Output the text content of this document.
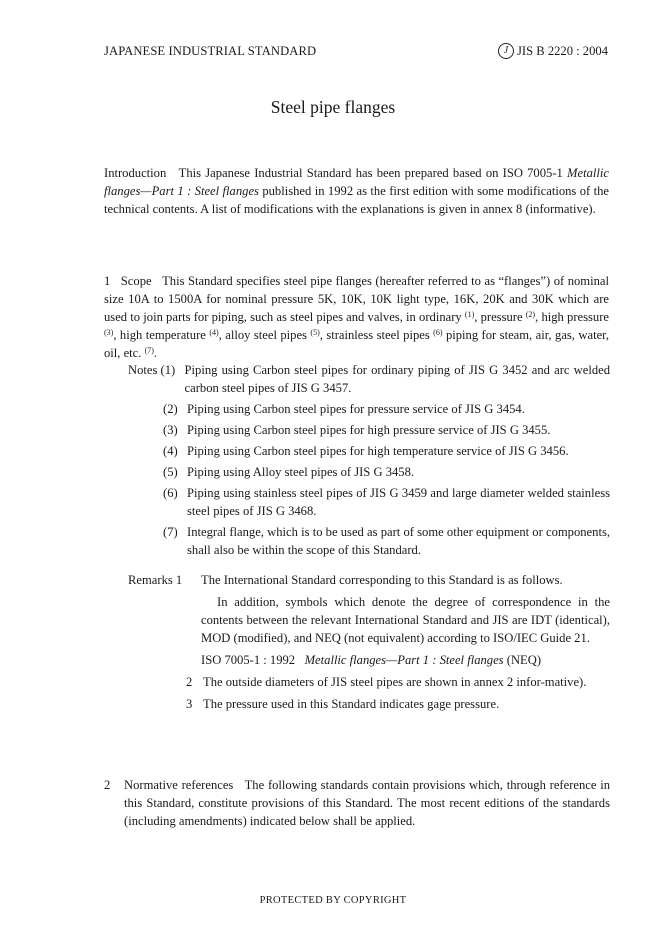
JAPANESE INDUSTRIAL STANDARD	J JIS B 2220 : 2004
Steel pipe flanges
Introduction This Japanese Industrial Standard has been prepared based on ISO 7005-1 Metallic flanges—Part 1 : Steel flanges published in 1992 as the first edition with some modifications of the technical contents. A list of modifications with the explanations is given in annex 8 (informative).
1 Scope This Standard specifies steel pipe flanges (hereafter referred to as “flanges”) of nominal size 10A to 1500A for nominal pressure 5K, 10K, 10K light type, 16K, 20K and 30K which are used to join parts for piping, such as steel pipes and valves, in ordinary $^{(1)}$, pressure $^{(2)}$, high pressure $^{(3)}$, high temperature $^{(4)}$, alloy steel pipes $^{(5)}$, strainless steel pipes $^{(6)}$ piping for steam, air, gas, water, oil, etc. $^{(7)}$.
Notes
(1) Piping using Carbon steel pipes for ordinary piping of JIS G 3452 and arc welded carbon steel pipes of JIS G 3457.
(2) Piping using Carbon steel pipes for pressure service of JIS G 3454.
(3) Piping using Carbon steel pipes for high pressure service of JIS G 3455.
(4) Piping using Carbon steel pipes for high temperature service of JIS G 3456.
(5) Piping using Alloy steel pipes of JIS G 3458.
(6) Piping using stainless steel pipes of JIS G 3459 and large diameter welded stainless steel pipes of JIS G 3468.
(7) Integral flange, which is to be used as part of some other equipment or components, shall also be within the scope of this Standard.
Remarks 1	The International Standard corresponding to this Standard is as follows.
In addition, symbols which denote the degree of correspondence in the contents between the relevant International Standard and JIS are IDT (identical), MOD (modified), and NEQ (not equivalent) according to ISO/IEC Guide 21.
ISO 7005-1 : 1992 Metallic flanges—Part 1 : Steel flanges (NEQ)
2 The outside diameters of JIS steel pipes are shown in annex 2 infor-mative).
3 The pressure used in this Standard indicates gage pressure.
2	Normative references The following standards contain provisions which, through reference in this Standard, constitute provisions of this Standard. The most recent editions of the standards (including amendments) indicated below shall be applied.
PROTECTED BY COPYRIGHT
